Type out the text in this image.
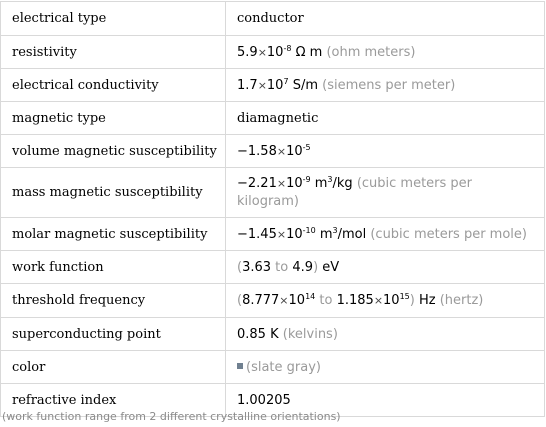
electrical type	conductor
resistivity	$5.9\times 10^{-8}$ Ω m (ohm meters)
electrical conductivity	$1.7\times 10^7$ S/m (siemens per meter)
magnetic type	diamagnetic
volume magnetic susceptibility	$-1.58\times 10^{-5}$
mass magnetic susceptibility	$-2.21\times 10^{-9}$ $m^3/kg$ (cubic meters per
kilogram)
molar magnetic susceptibility	$-1.45\times 10^{-10}$ $m^3$/mol (cubic meters per mole)
work function	(3.63 to 4.9) eV
threshold frequency	($8.777\times 10^{14}$ to $1.185\times 10^{15}$) Hz (hertz)
superconducting point	0.85 K (kelvins)
color	(slate gray)
refractive index	1.00205
(work function range from 2 different crystalline orientations)
